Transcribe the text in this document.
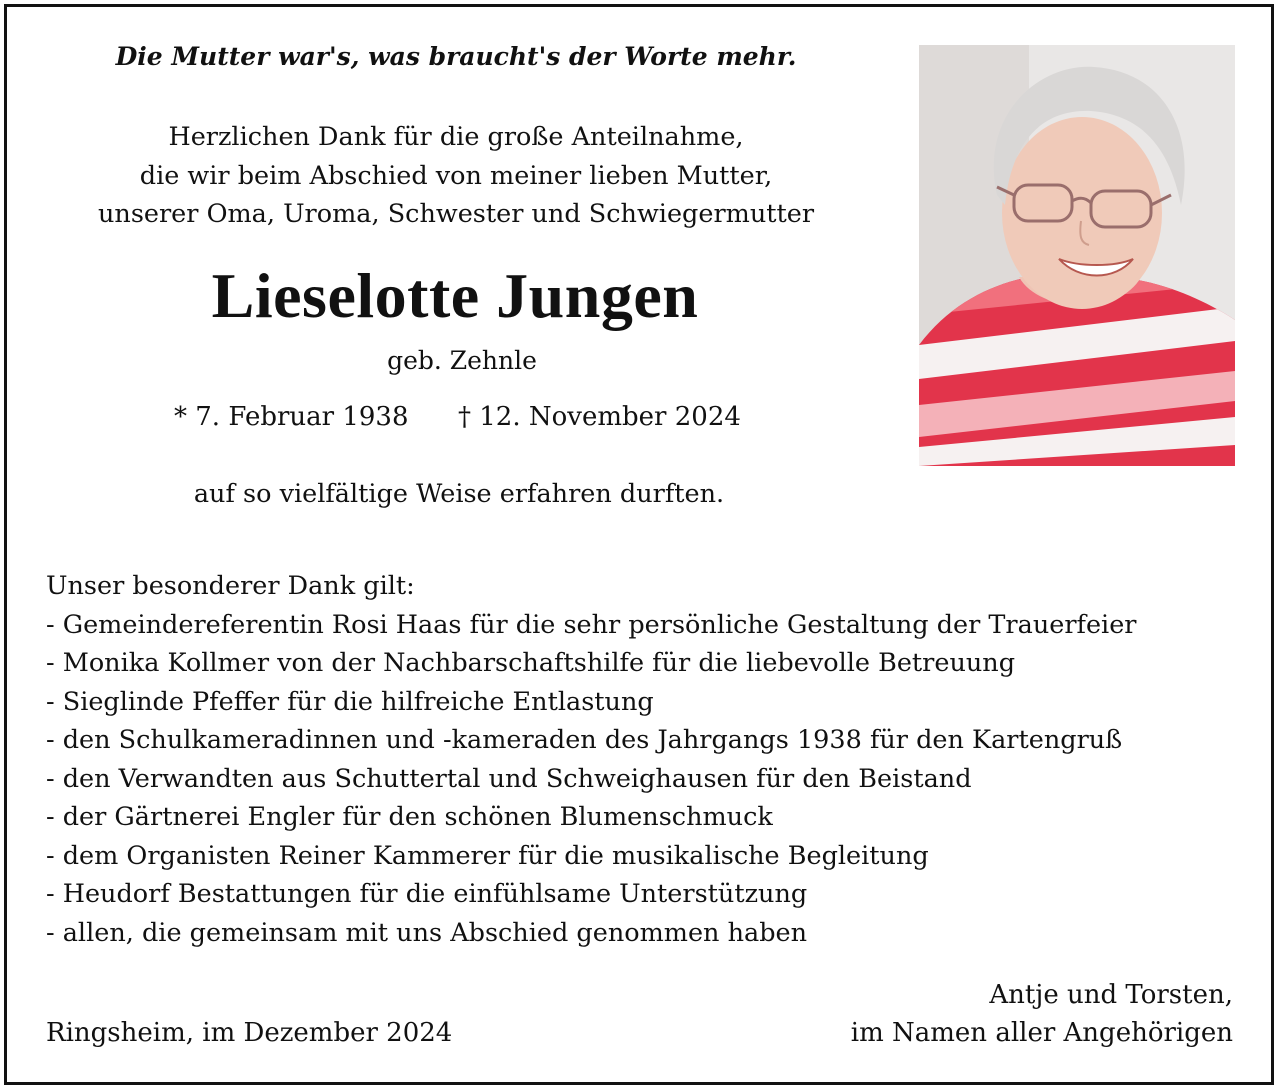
Die Mutter war's, was braucht's der Worte mehr.

Herzlichen Dank für die große Anteilnahme,
die wir beim Abschied von meiner lieben Mutter,
unserer Oma, Uroma, Schwester und Schwiegermutter
Lieselotte Jungen

geb. Zehnle

* 7. Februar 1938 † 12. November 2024

auf so vielfältige Weise erfahren durften.

Unser besonderer Dank gilt:
- Gemeindereferentin Rosi Haas für die sehr persönliche Gestaltung der Trauerfeier
- Monika Kollmer von der Nachbarschaftshilfe für die liebevolle Betreuung
- Sieglinde Pfeffer für die hilfreiche Entlastung
- den Schulkameradinnen und -kameraden des Jahrgangs 1938 für den Kartengruß
- den Verwandten aus Schuttertal und Schweighausen für den Beistand
- der Gärtnerei Engler für den schönen Blumenschmuck
- dem Organisten Reiner Kammerer für die musikalische Begleitung
- Heudorf Bestattungen für die einfühlsame Unterstützung
- allen, die gemeinsam mit uns Abschied genommen haben

Antje und Torsten,

im Namen aller Angehörigen

Ringsheim, im Dezember 2024
